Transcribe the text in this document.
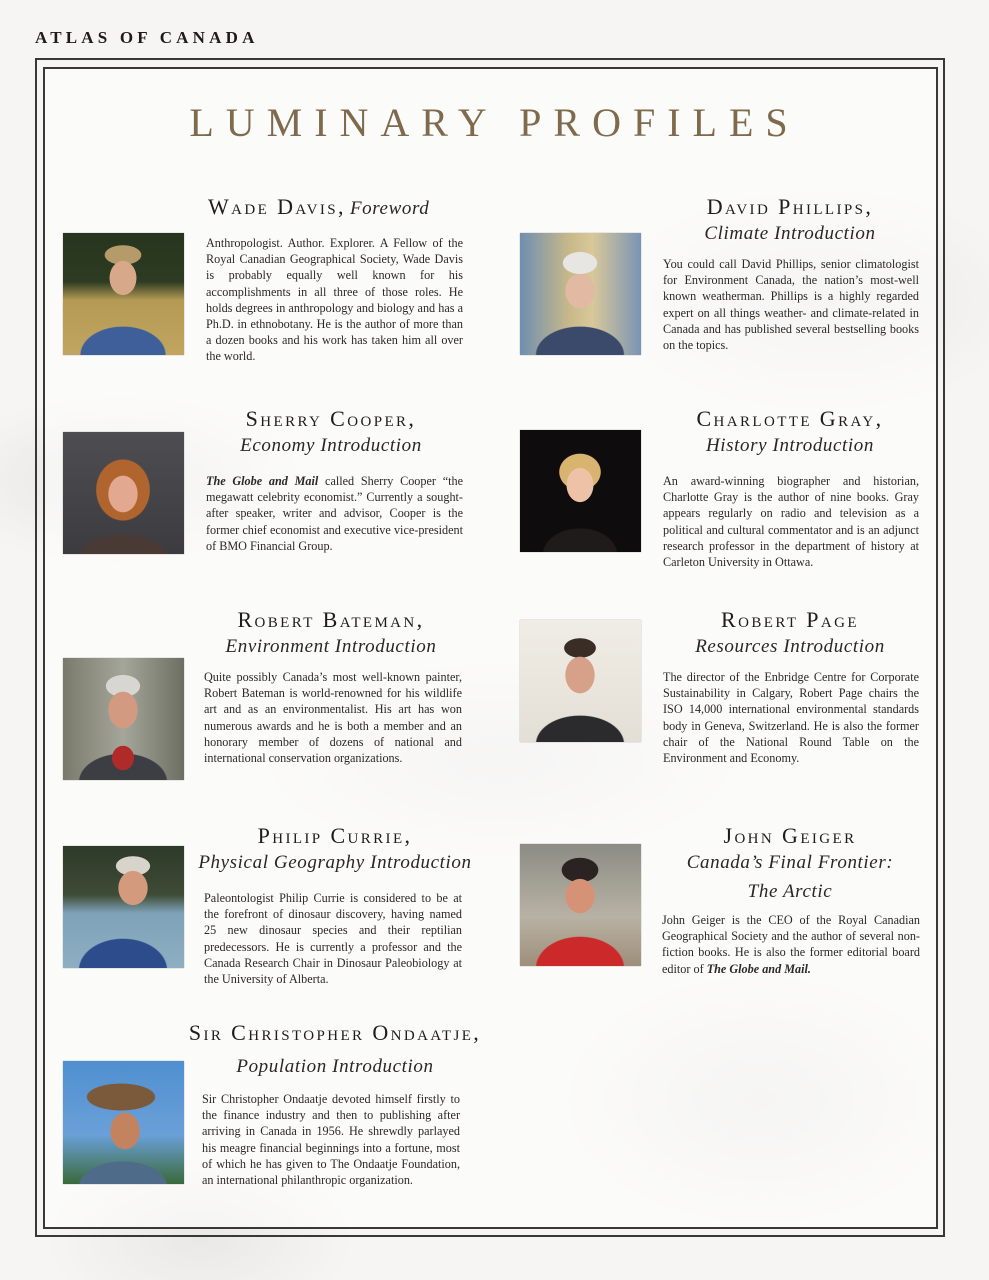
ATLAS OF CANADA
LUMINARY PROFILES
Wade Davis, Foreword
Anthropologist. Author. Explorer. A Fellow of the Royal Canadian Geographical Society, Wade Davis is probably equally well known for his accomplishments in all three of those roles. He holds degrees in anthropology and biology and has a Ph.D. in ethnobotany. He is the author of more than a dozen books and his work has taken him all over the world.
David Phillips,
Climate Introduction
You could call David Phillips, senior climatologist for Environment Canada, the nation’s most-well known weatherman. Phillips is a highly regarded expert on all things weather- and climate-related in Canada and has published several bestselling books on the topics.
Sherry Cooper,
Economy Introduction
The Globe and Mail called Sherry Cooper “the megawatt celebrity economist.” Currently a sought-after speaker, writer and advisor, Cooper is the former chief economist and executive vice-president of BMO Financial Group.
Charlotte Gray,
History Introduction
An award-winning biographer and historian, Charlotte Gray is the author of nine books. Gray appears regularly on radio and television as a political and cultural commentator and is an adjunct research professor in the department of history at Carleton University in Ottawa.
Robert Bateman,
Environment Introduction
Quite possibly Canada’s most well-known painter, Robert Bateman is world-renowned for his wildlife art and as an environmentalist. His art has won numerous awards and he is both a member and an honorary member of dozens of national and international conservation organizations.
Robert Page
Resources Introduction
The director of the Enbridge Centre for Corporate Sustainability in Calgary, Robert Page chairs the ISO 14,000 international environmental standards body in Geneva, Switzerland. He is also the former chair of the National Round Table on the Environment and Economy.
Philip Currie,
Physical Geography Introduction
Paleontologist Philip Currie is considered to be at the forefront of dinosaur discovery, having named 25 new dinosaur species and their reptilian predecessors. He is currently a professor and the Canada Research Chair in Dinosaur Paleobiology at the University of Alberta.
John Geiger
Canada’s Final Frontier:
The Arctic
John Geiger is the CEO of the Royal Canadian Geographical Society and the author of several non-fiction books. He is also the former editorial board editor of The Globe and Mail.
Sir Christopher Ondaatje,
Population Introduction
Sir Christopher Ondaatje devoted himself firstly to the finance industry and then to publishing after arriving in Canada in 1956. He shrewdly parlayed his meagre financial beginnings into a fortune, most of which he has given to The Ondaatje Foundation, an international philanthropic organization.
